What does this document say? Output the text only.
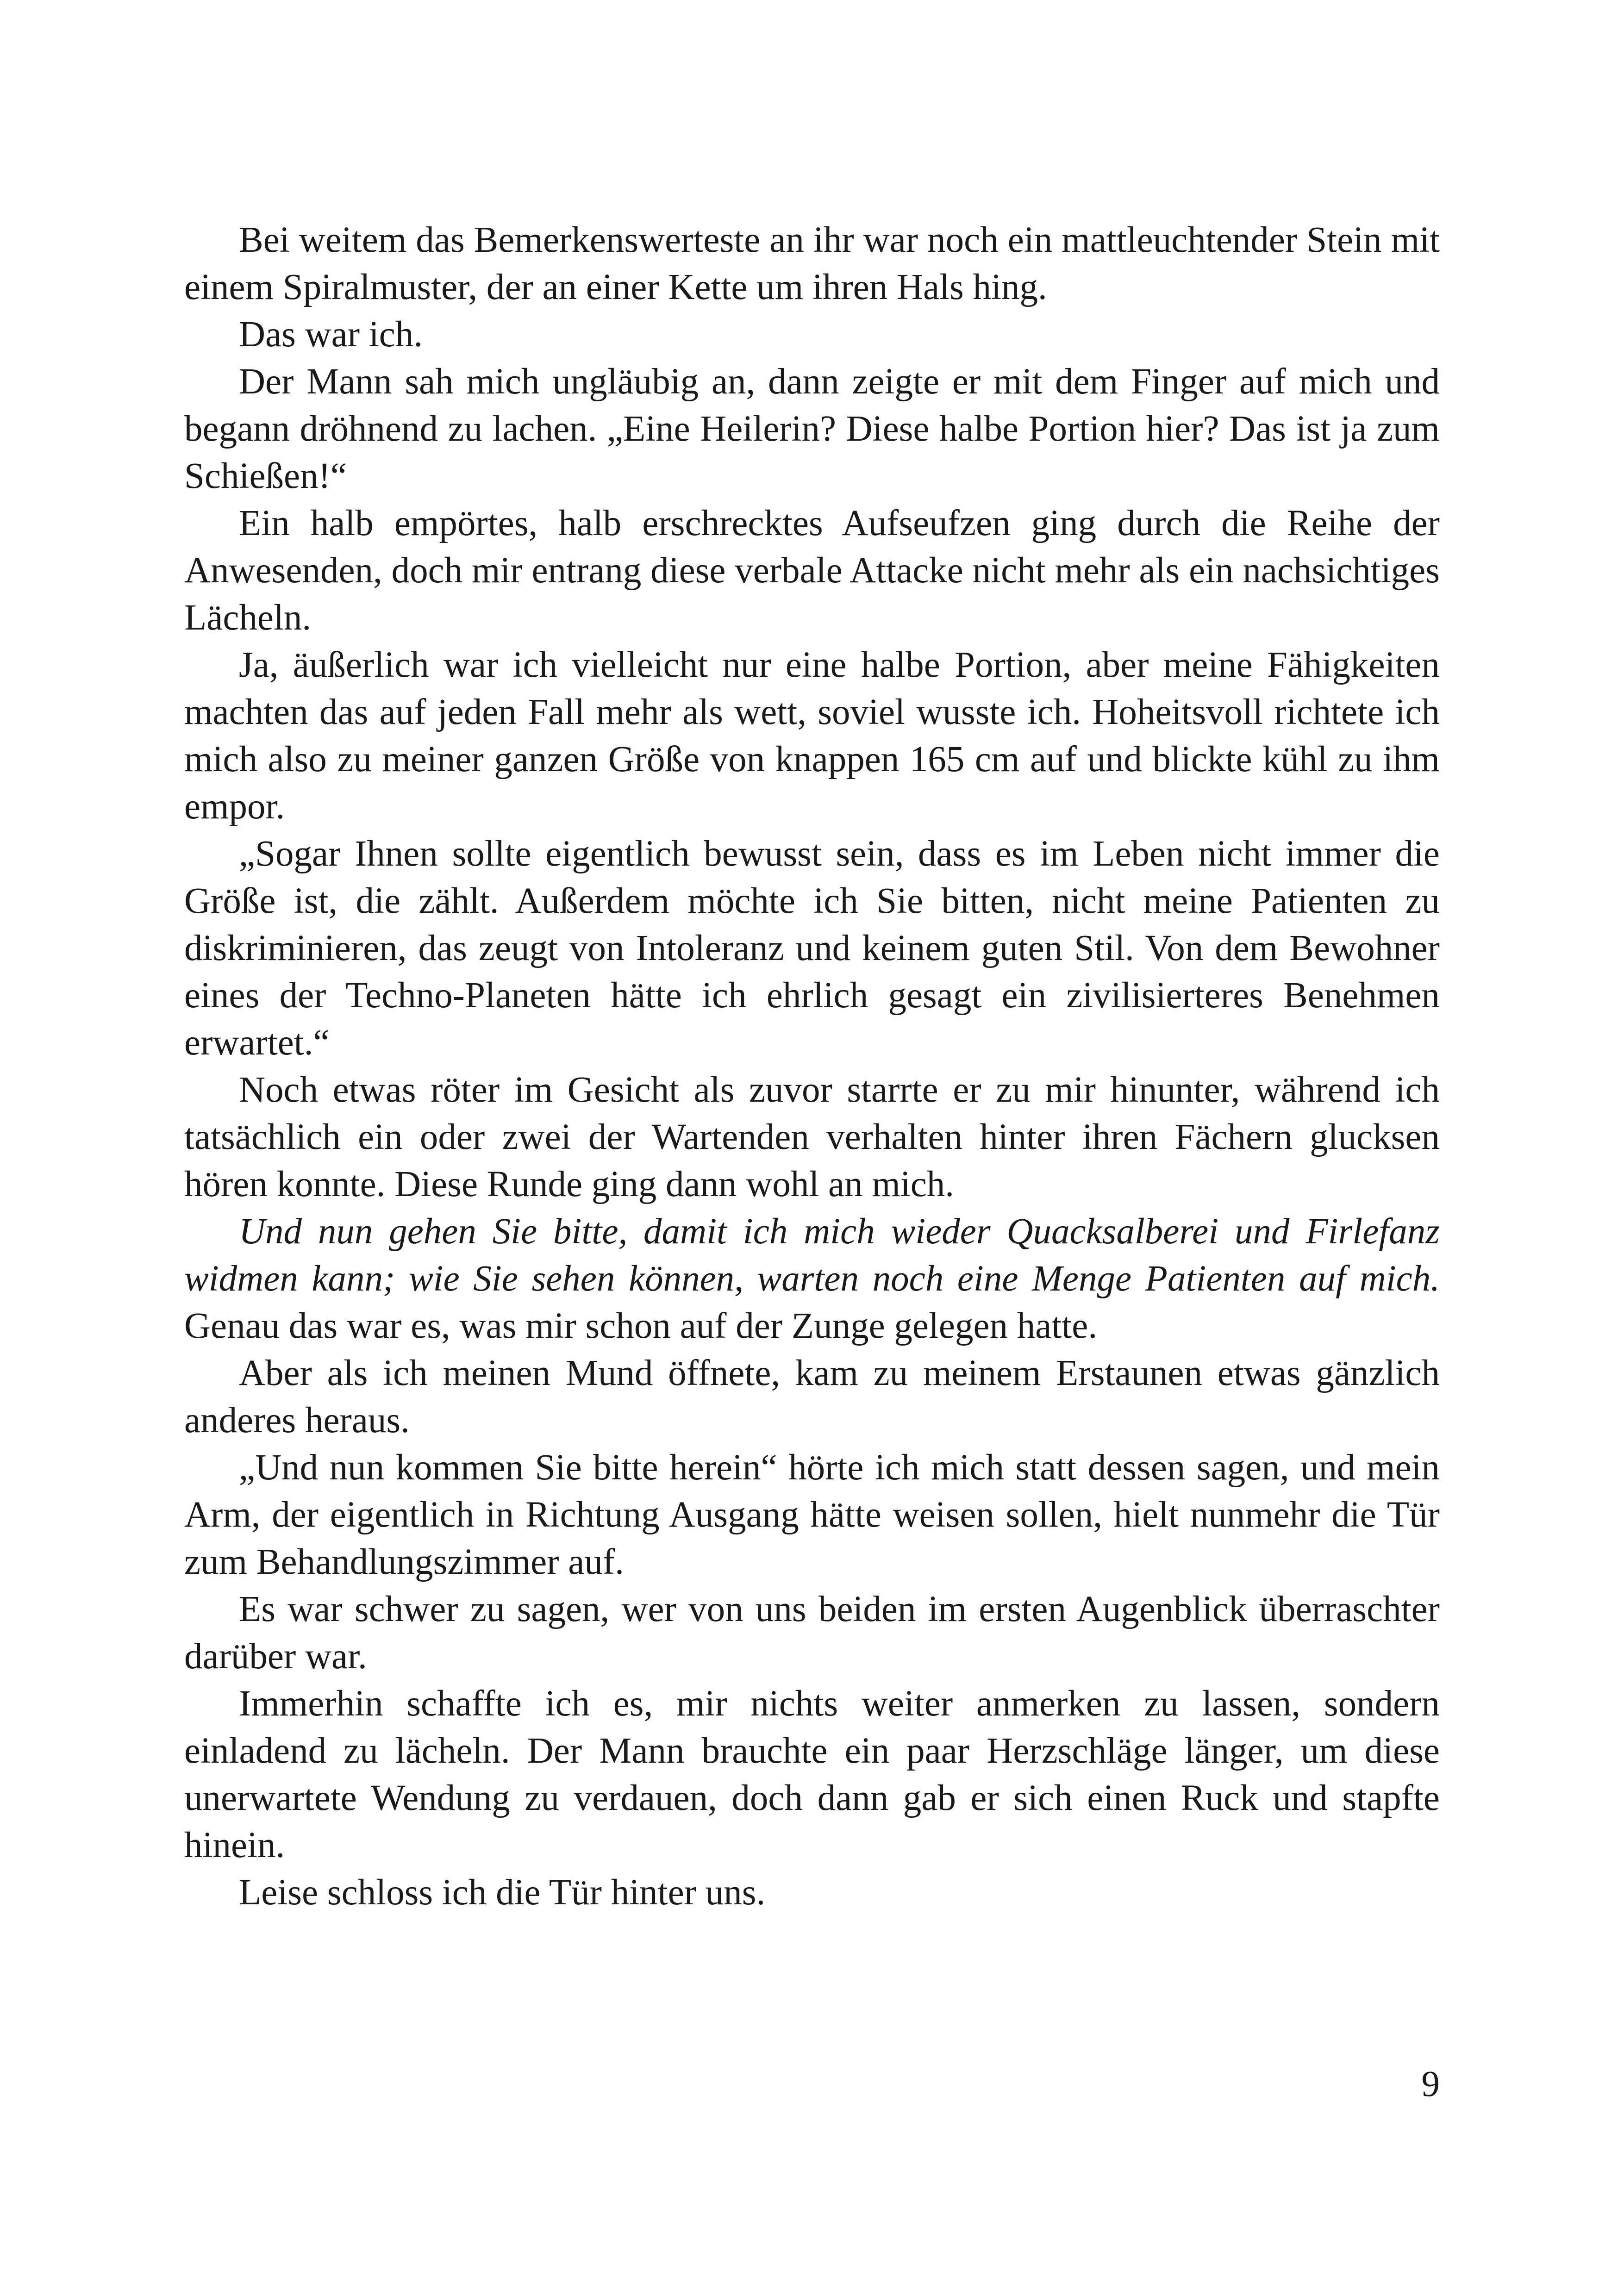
Bei weitem das Bemerkenswerteste an ihr war noch ein mattleuchtender Stein mit einem Spiralmuster, der an einer Kette um ihren Hals hing.

Das war ich.

Der Mann sah mich ungläubig an, dann zeigte er mit dem Finger auf mich und begann dröhnend zu lachen. „Eine Heilerin? Diese halbe Portion hier? Das ist ja zum Schießen!“

Ein halb empörtes, halb erschrecktes Aufseufzen ging durch die Reihe der Anwesenden, doch mir entrang diese verbale Attacke nicht mehr als ein nachsichtiges Lächeln.

Ja, äußerlich war ich vielleicht nur eine halbe Portion, aber meine Fähigkeiten machten das auf jeden Fall mehr als wett, soviel wusste ich. Hoheitsvoll richtete ich mich also zu meiner ganzen Größe von knappen 165 cm auf und blickte kühl zu ihm empor.

„Sogar Ihnen sollte eigentlich bewusst sein, dass es im Leben nicht immer die Größe ist, die zählt. Außerdem möchte ich Sie bitten, nicht meine Patienten zu diskriminieren, das zeugt von Intoleranz und keinem guten Stil. Von dem Bewohner eines der Techno-Planeten hätte ich ehrlich gesagt ein zivilisierteres Benehmen erwartet.“

Noch etwas röter im Gesicht als zuvor starrte er zu mir hinunter, während ich tatsächlich ein oder zwei der Wartenden verhalten hinter ihren Fächern glucksen hören konnte. Diese Runde ging dann wohl an mich.

Und nun gehen Sie bitte, damit ich mich wieder Quacksalberei und Firlefanz widmen kann; wie Sie sehen können, warten noch eine Menge Patienten auf mich. Genau das war es, was mir schon auf der Zunge gelegen hatte.

Aber als ich meinen Mund öffnete, kam zu meinem Erstaunen etwas gänzlich anderes heraus.

„Und nun kommen Sie bitte herein“ hörte ich mich statt dessen sagen, und mein Arm, der eigentlich in Richtung Ausgang hätte weisen sollen, hielt nunmehr die Tür zum Behandlungszimmer auf.

Es war schwer zu sagen, wer von uns beiden im ersten Augenblick überraschter darüber war.

Immerhin schaffte ich es, mir nichts weiter anmerken zu lassen, sondern einladend zu lächeln. Der Mann brauchte ein paar Herzschläge länger, um diese unerwartete Wendung zu verdauen, doch dann gab er sich einen Ruck und stapfte hinein.

Leise schloss ich die Tür hinter uns.

9
